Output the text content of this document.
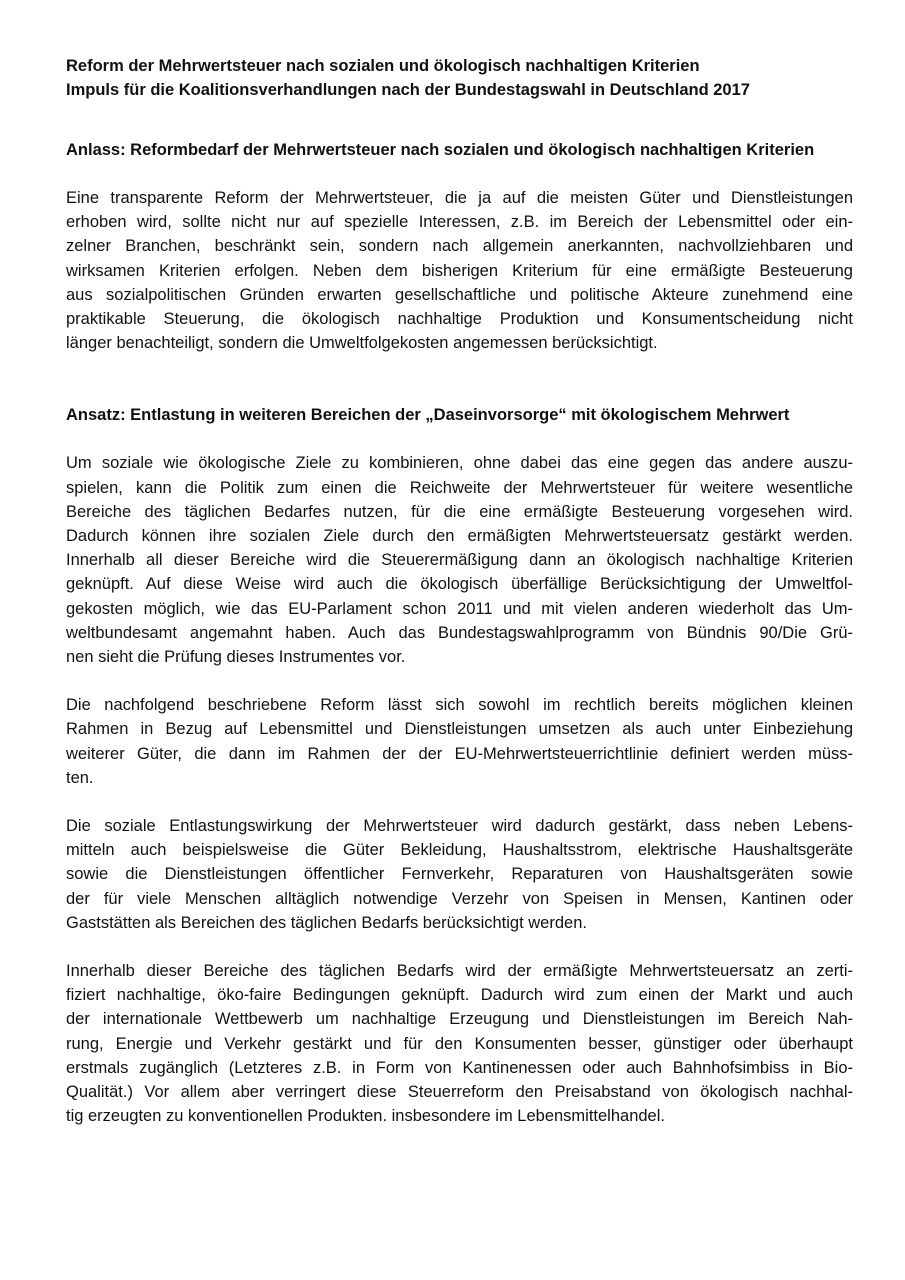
Reform der Mehrwertsteuer nach sozialen und ökologisch nachhaltigen Kriterien

Impuls für die Koalitionsverhandlungen nach der Bundestagswahl in Deutschland 2017

Anlass: Reformbedarf der Mehrwertsteuer nach sozialen und ökologisch nachhaltigen Kriterien

Eine transparente Reform der Mehrwertsteuer, die ja auf die meisten Güter und Dienstleistungen
erhoben wird, sollte nicht nur auf spezielle Interessen, z.B. im Bereich der Lebensmittel oder ein-
zelner Branchen, beschränkt sein, sondern nach allgemein anerkannten, nachvollziehbaren und
wirksamen Kriterien erfolgen. Neben dem bisherigen Kriterium für eine ermäßigte Besteuerung
aus sozialpolitischen Gründen erwarten gesellschaftliche und politische Akteure zunehmend eine
praktikable Steuerung, die ökologisch nachhaltige Produktion und Konsumentscheidung nicht
länger benachteiligt, sondern die Umweltfolgekosten angemessen berücksichtigt.

Ansatz: Entlastung in weiteren Bereichen der „Daseinvorsorge“ mit ökologischem Mehrwert

Um soziale wie ökologische Ziele zu kombinieren, ohne dabei das eine gegen das andere auszu-
spielen, kann die Politik zum einen die Reichweite der Mehrwertsteuer für weitere wesentliche
Bereiche des täglichen Bedarfes nutzen, für die eine ermäßigte Besteuerung vorgesehen wird.
Dadurch können ihre sozialen Ziele durch den ermäßigten Mehrwertsteuersatz gestärkt werden.
Innerhalb all dieser Bereiche wird die Steuerermäßigung dann an ökologisch nachhaltige Kriterien
geknüpft. Auf diese Weise wird auch die ökologisch überfällige Berücksichtigung der Umweltfol-
gekosten möglich, wie das EU-Parlament schon 2011 und mit vielen anderen wiederholt das Um-
weltbundesamt angemahnt haben. Auch das Bundestagswahlprogramm von Bündnis 90/Die Grü-
nen sieht die Prüfung dieses Instrumentes vor.
Die nachfolgend beschriebene Reform lässt sich sowohl im rechtlich bereits möglichen kleinen
Rahmen in Bezug auf Lebensmittel und Dienstleistungen umsetzen als auch unter Einbeziehung
weiterer Güter, die dann im Rahmen der der EU-Mehrwertsteuerrichtlinie definiert werden müss-
ten.
Die soziale Entlastungswirkung der Mehrwertsteuer wird dadurch gestärkt, dass neben Lebens-
mitteln auch beispielsweise die Güter Bekleidung, Haushaltsstrom, elektrische Haushaltsgeräte
sowie die Dienstleistungen öffentlicher Fernverkehr, Reparaturen von Haushaltsgeräten sowie
der für viele Menschen alltäglich notwendige Verzehr von Speisen in Mensen, Kantinen oder
Gaststätten als Bereichen des täglichen Bedarfs berücksichtigt werden.
Innerhalb dieser Bereiche des täglichen Bedarfs wird der ermäßigte Mehrwertsteuersatz an zerti-
fiziert nachhaltige, öko-faire Bedingungen geknüpft. Dadurch wird zum einen der Markt und auch
der internationale Wettbewerb um nachhaltige Erzeugung und Dienstleistungen im Bereich Nah-
rung, Energie und Verkehr gestärkt und für den Konsumenten besser, günstiger oder überhaupt
erstmals zugänglich (Letzteres z.B. in Form von Kantinenessen oder auch Bahnhofsimbiss in Bio-
Qualität.) Vor allem aber verringert diese Steuerreform den Preisabstand von ökologisch nachhal-
tig erzeugten zu konventionellen Produkten. insbesondere im Lebensmittelhandel.
